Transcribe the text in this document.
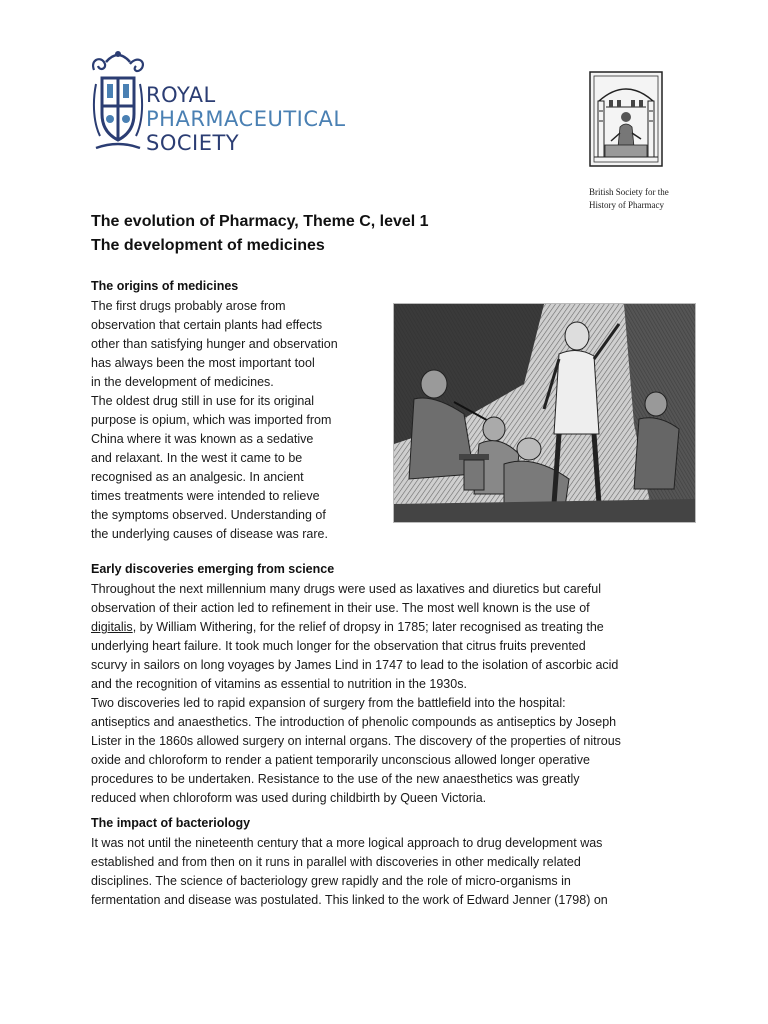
ROYAL
PHARMACEUTICAL
SOCIETY
British Society for the
History of Pharmacy
The evolution of Pharmacy, Theme C, level 1
The development of medicines
The origins of medicines
The first drugs probably arose from
observation that certain plants had effects
other than satisfying hunger and observation
has always been the most important tool
in the development of medicines.
The oldest drug still in use for its original
purpose is opium, which was imported from
China where it was known as a sedative
and relaxant. In the west it came to be
recognised as an analgesic. In ancient
times treatments were intended to relieve
the symptoms observed. Understanding of
the underlying causes of disease was rare.
Early discoveries emerging from science
Throughout the next millennium many drugs were used as laxatives and diuretics but careful
observation of their action led to refinement in their use. The most well known is the use of
digitalis, by William Withering, for the relief of dropsy in 1785; later recognised as treating the
underlying heart failure. It took much longer for the observation that citrus fruits prevented
scurvy in sailors on long voyages by James Lind in 1747 to lead to the isolation of ascorbic acid
and the recognition of vitamins as essential to nutrition in the 1930s.
Two discoveries led to rapid expansion of surgery from the battlefield into the hospital:
antiseptics and anaesthetics. The introduction of phenolic compounds as antiseptics by Joseph
Lister in the 1860s allowed surgery on internal organs. The discovery of the properties of nitrous
oxide and chloroform to render a patient temporarily unconscious allowed longer operative
procedures to be undertaken. Resistance to the use of the new anaesthetics was greatly
reduced when chloroform was used during childbirth by Queen Victoria.
The impact of bacteriology
It was not until the nineteenth century that a more logical approach to drug development was
established and from then on it runs in parallel with discoveries in other medically related
disciplines. The science of bacteriology grew rapidly and the role of micro-organisms in
fermentation and disease was postulated. This linked to the work of Edward Jenner (1798) on
